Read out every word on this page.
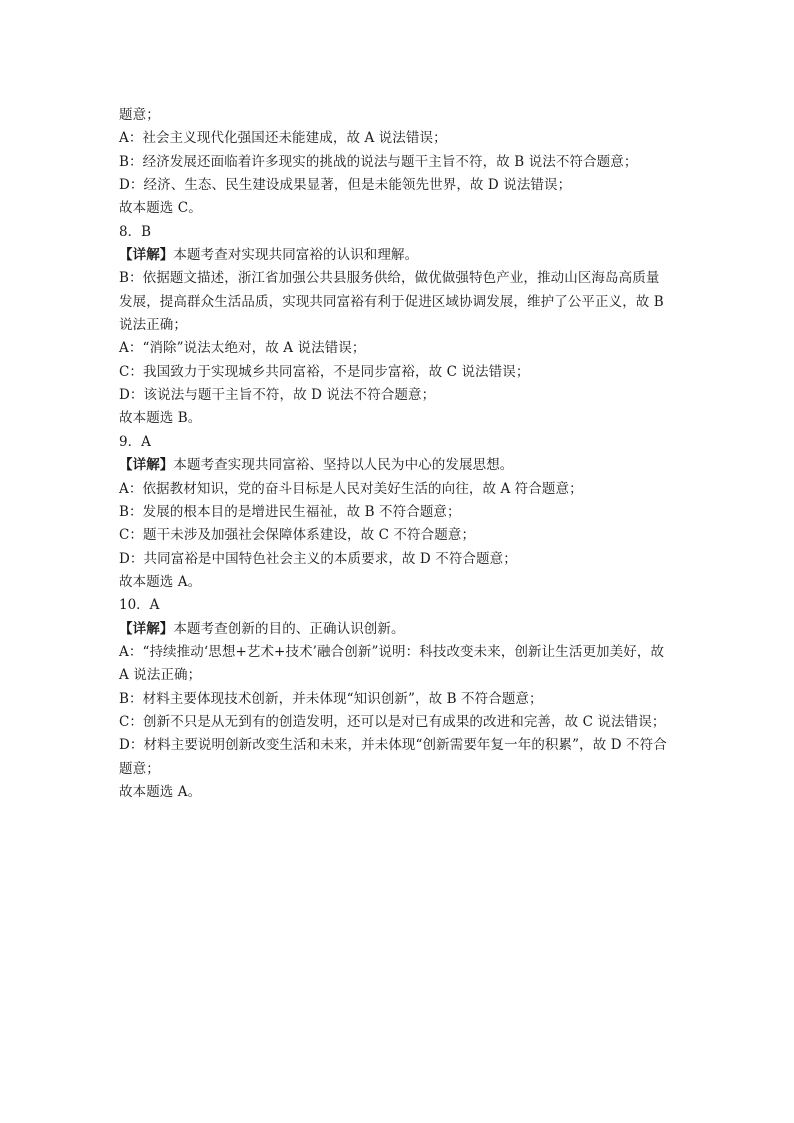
题意；
A：社会主义现代化强国还未能建成，故 A 说法错误；
B：经济发展还面临着许多现实的挑战的说法与题干主旨不符，故 B 说法不符合题意；
D：经济、生态、民生建设成果显著，但是未能领先世界，故 D 说法错误；
故本题选 C。
8．B
【详解】本题考查对实现共同富裕的认识和理解。
B：依据题文描述，浙江省加强公共县服务供给，做优做强特色产业，推动山区海岛高质量
发展，提高群众生活品质，实现共同富裕有利于促进区域协调发展，维护了公平正义，故 B
说法正确；
A：“消除”说法太绝对，故 A 说法错误；
C：我国致力于实现城乡共同富裕，不是同步富裕，故 C 说法错误；
D：该说法与题干主旨不符，故 D 说法不符合题意；
故本题选 B。
9．A
【详解】本题考查实现共同富裕、坚持以人民为中心的发展思想。
A：依据教材知识，党的奋斗目标是人民对美好生活的向往，故 A 符合题意；
B：发展的根本目的是增进民生福祉，故 B 不符合题意；
C：题干未涉及加强社会保障体系建设，故 C 不符合题意；
D：共同富裕是中国特色社会主义的本质要求，故 D 不符合题意；
故本题选 A。
10．A
【详解】本题考查创新的目的、正确认识创新。
A：“持续推动‘思想+艺术+技术’融合创新”说明：科技改变未来，创新让生活更加美好，故
A 说法正确；
B：材料主要体现技术创新，并未体现“知识创新”，故 B 不符合题意；
C：创新不只是从无到有的创造发明，还可以是对已有成果的改进和完善，故 C 说法错误；
D：材料主要说明创新改变生活和未来，并未体现“创新需要年复一年的积累”，故 D 不符合
题意；
故本题选 A。
